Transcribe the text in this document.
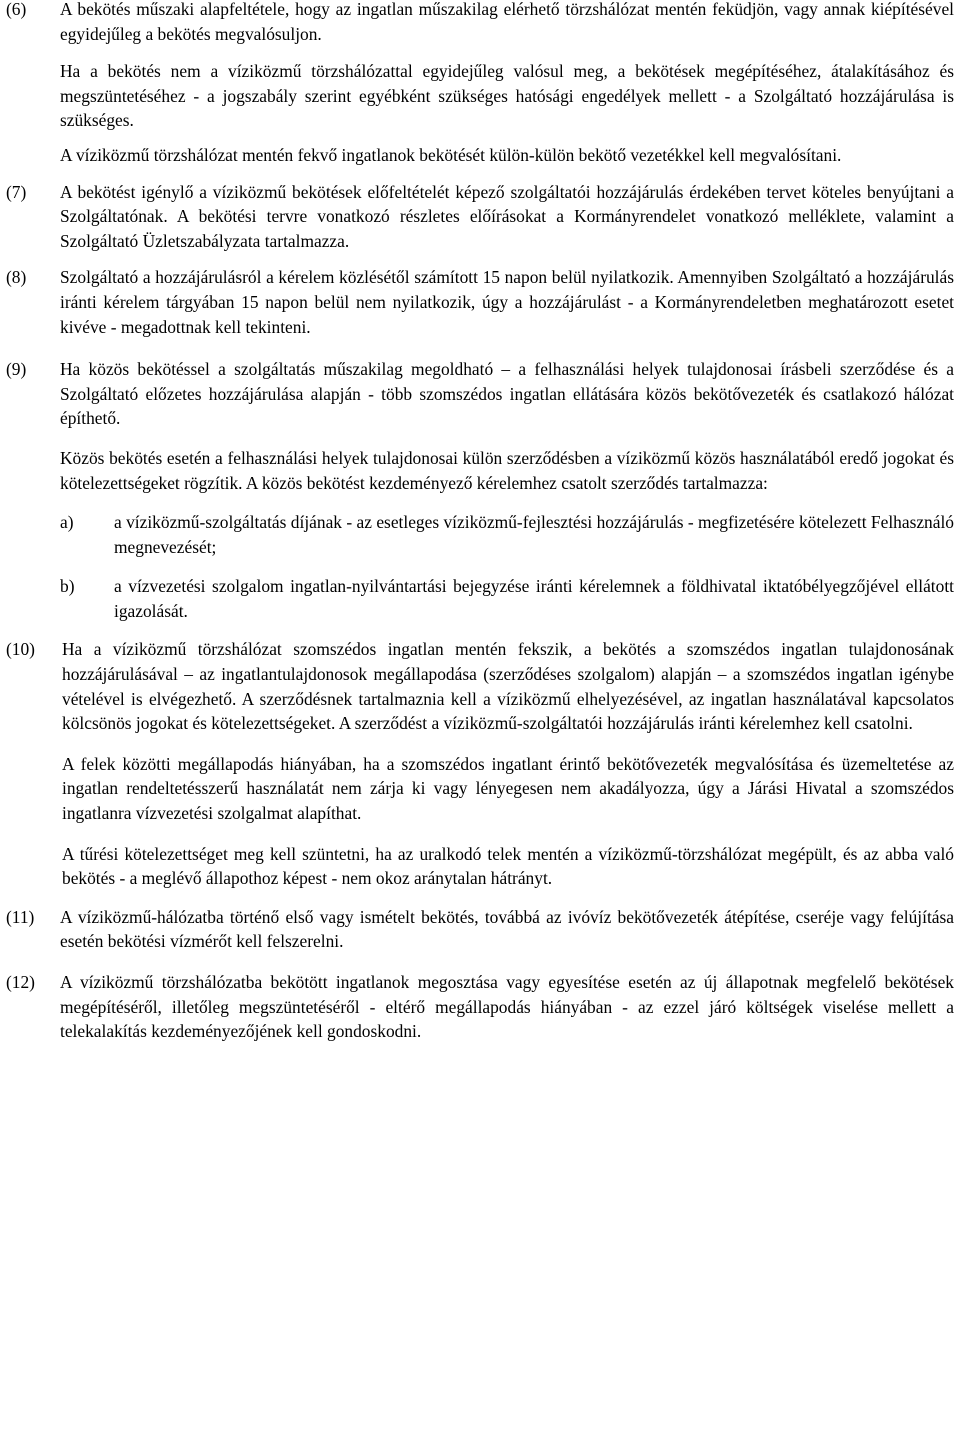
(6)	A bekötés műszaki alapfeltétele, hogy az ingatlan műszakilag elérhető törzshálózat mentén feküdjön, vagy annak kiépítésével egyidejűleg a bekötés megvalósuljon.

Ha a bekötés nem a víziközmű törzshálózattal egyidejűleg valósul meg, a bekötések megépítéséhez, átalakításához és megszüntetéséhez - a jogszabály szerint egyébként szükséges hatósági engedélyek mellett - a Szolgáltató hozzájárulása is szükséges.

A víziközmű törzshálózat mentén fekvő ingatlanok bekötését külön-külön bekötő vezetékkel kell megvalósítani.

(7)	A bekötést igénylő a víziközmű bekötések előfeltételét képező szolgáltatói hozzájárulás érdekében tervet köteles benyújtani a Szolgáltatónak. A bekötési tervre vonatkozó részletes előírásokat a Kormányrendelet vonatkozó melléklete, valamint a Szolgáltató Üzletszabályzata tartalmazza.

(8)	Szolgáltató a hozzájárulásról a kérelem közlésétől számított 15 napon belül nyilatkozik. Amennyiben Szolgáltató a hozzájárulás iránti kérelem tárgyában 15 napon belül nem nyilatkozik, úgy a hozzájárulást - a Kormányrendeletben meghatározott esetet kivéve - megadottnak kell tekinteni.

(9)	Ha közös bekötéssel a szolgáltatás műszakilag megoldható – a felhasználási helyek tulajdonosai írásbeli szerződése és a Szolgáltató előzetes hozzájárulása alapján - több szomszédos ingatlan ellátására közös bekötővezeték és csatlakozó hálózat építhető.

Közös bekötés esetén a felhasználási helyek tulajdonosai külön szerződésben a víziközmű közös használatából eredő jogokat és kötelezettségeket rögzítik. A közös bekötést kezdeményező kérelemhez csatolt szerződés tartalmazza:

a)	a víziközmű-szolgáltatás díjának - az esetleges víziközmű-fejlesztési hozzájárulás - megfizetésére kötelezett Felhasználó megnevezését;

b)	a vízvezetési szolgalom ingatlan-nyilvántartási bejegyzése iránti kérelemnek a földhivatal iktatóbélyegzőjével ellátott igazolását.

(10)	Ha a víziközmű törzshálózat szomszédos ingatlan mentén fekszik, a bekötés a szomszédos ingatlan tulajdonosának hozzájárulásával – az ingatlantulajdonosok megállapodása (szerződéses szolgalom) alapján – a szomszédos ingatlan igénybe vételével is elvégezhető. A szerződésnek tartalmaznia kell a víziközmű elhelyezésével, az ingatlan használatával kapcsolatos kölcsönös jogokat és kötelezettségeket. A szerződést a víziközmű-szolgáltatói hozzájárulás iránti kérelemhez kell csatolni.

A felek közötti megállapodás hiányában, ha a szomszédos ingatlant érintő bekötővezeték megvalósítása és üzemeltetése az ingatlan rendeltetésszerű használatát nem zárja ki vagy lényegesen nem akadályozza, úgy a Járási Hivatal a szomszédos ingatlanra vízvezetési szolgalmat alapíthat.

A tűrési kötelezettséget meg kell szüntetni, ha az uralkodó telek mentén a víziközmű-törzshálózat megépült, és az abba való bekötés - a meglévő állapothoz képest - nem okoz aránytalan hátrányt.

(11)	A víziközmű-hálózatba történő első vagy ismételt bekötés, továbbá az ivóvíz bekötővezeték átépítése, cseréje vagy felújítása esetén bekötési vízmérőt kell felszerelni.

(12)	A víziközmű törzshálózatba bekötött ingatlanok megosztása vagy egyesítése esetén az új állapotnak megfelelő bekötések megépítéséről, illetőleg megszüntetéséről - eltérő megállapodás hiányában - az ezzel járó költségek viselése mellett a telekalakítás kezdeményezőjének kell gondoskodni.
